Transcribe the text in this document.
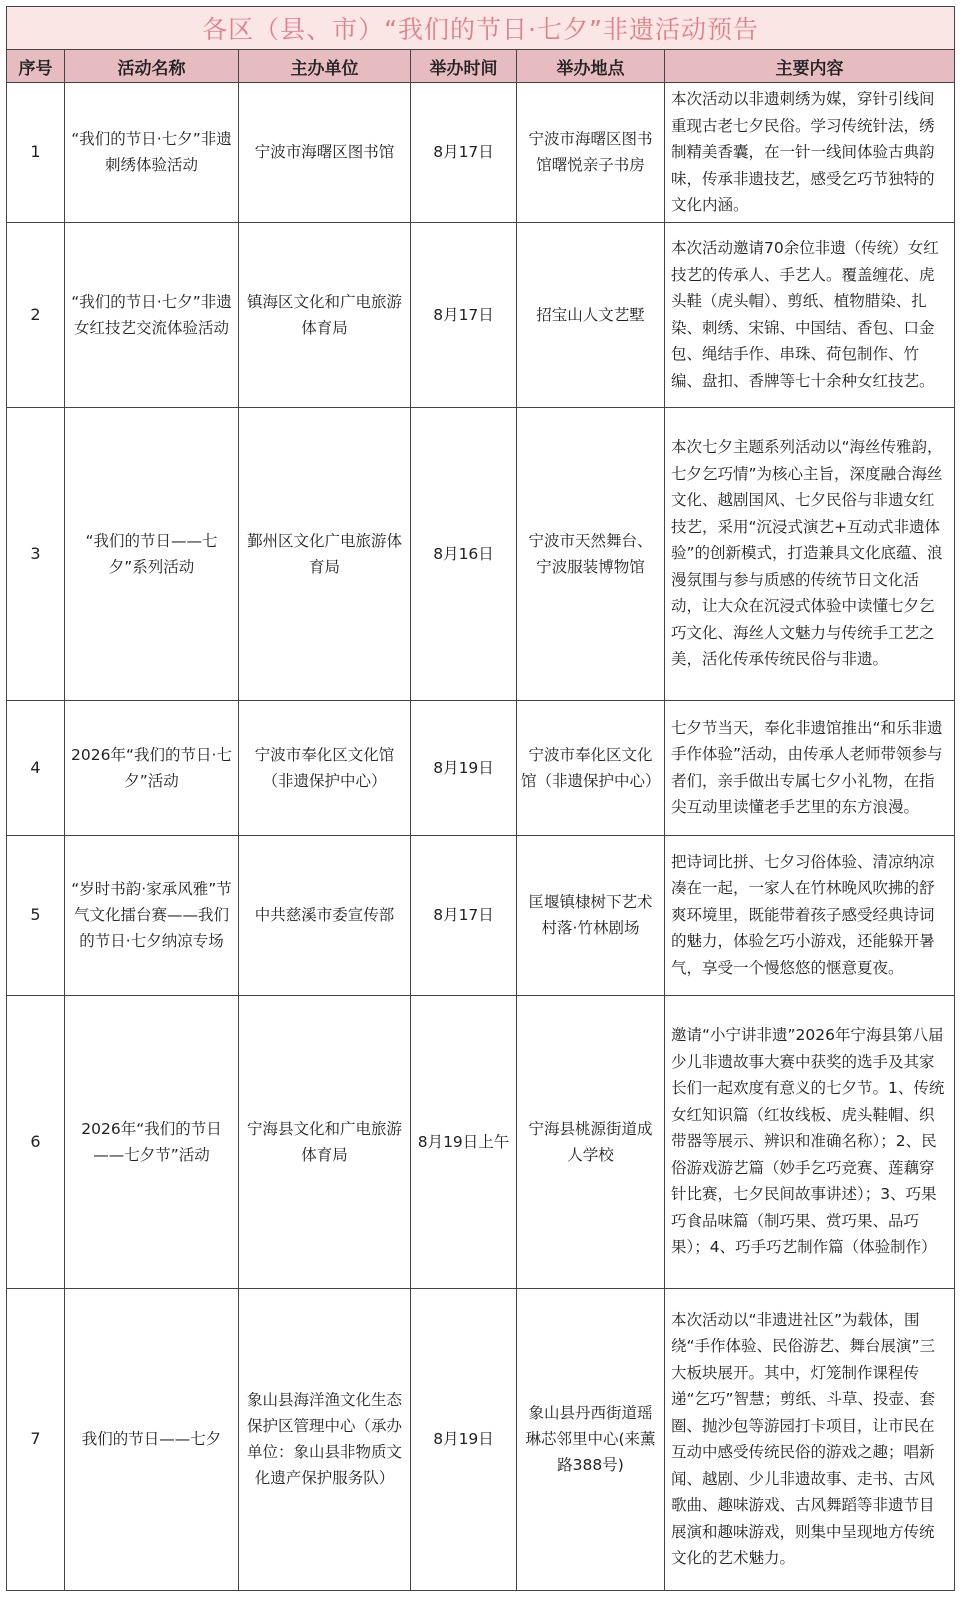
各区（县、市）“我们的节日·七夕”非遗活动预告					
序号	活动名称	主办单位	举办时间	举办地点	主要内容
1	“我们的节日·七夕”非遗刺绣体验活动	宁波市海曙区图书馆	8月17日	宁波市海曙区图书馆曙悦亲子书房	本次活动以非遗刺绣为媒，穿针引线间重现古老七夕民俗。学习传统针法，绣制精美香囊，在一针一线间体验古典韵味，传承非遗技艺，感受乞巧节独特的文化内涵。
2	“我们的节日·七夕”非遗女红技艺交流体验活动	镇海区文化和广电旅游体育局	8月17日	招宝山人文艺墅	本次活动邀请70余位非遗（传统）女红技艺的传承人、手艺人。覆盖缠花、虎头鞋（虎头帽）、剪纸、植物腊染、扎染、刺绣、宋锦、中国结、香包、口金包、绳结手作、串珠、荷包制作、竹编、盘扣、香牌等七十余种女红技艺。
3	“我们的节日——七夕”系列活动	鄞州区文化广电旅游体育局	8月16日	宁波市天然舞台、宁波服装博物馆	本次七夕主题系列活动以“海丝传雅韵，七夕乞巧情”为核心主旨，深度融合海丝文化、越剧国风、七夕民俗与非遗女红技艺，采用“沉浸式演艺+互动式非遗体验”的创新模式，打造兼具文化底蕴、浪漫氛围与参与质感的传统节日文化活动，让大众在沉浸式体验中读懂七夕乞巧文化、海丝人文魅力与传统手工艺之美，活化传承传统民俗与非遗。
4	2026年“我们的节日·七夕”活动	宁波市奉化区文化馆（非遗保护中心）	8月19日	宁波市奉化区文化馆（非遗保护中心）	七夕节当天，奉化非遗馆推出“和乐非遗手作体验”活动，由传承人老师带领参与者们，亲手做出专属七夕小礼物，在指尖互动里读懂老手艺里的东方浪漫。
5	“岁时书韵·家承风雅”节气文化擂台赛——我们的节日·七夕纳凉专场	中共慈溪市委宣传部	8月17日	匡堰镇棣树下艺术村落·竹林剧场	把诗词比拼、七夕习俗体验、清凉纳凉凑在一起，一家人在竹林晚风吹拂的舒爽环境里，既能带着孩子感受经典诗词的魅力，体验乞巧小游戏，还能躲开暑气，享受一个慢悠悠的惬意夏夜。
6	2026年“我们的节日——七夕节”活动	宁海县文化和广电旅游体育局	8月19日上午	宁海县桃源街道成人学校	邀请“小宁讲非遗”2026年宁海县第八届少儿非遗故事大赛中获奖的选手及其家长们一起欢度有意义的七夕节。1、传统女红知识篇（红妆线板、虎头鞋帽、织带器等展示、辨识和准确名称）；2、民俗游戏游艺篇（妙手乞巧竞赛、莲藕穿针比赛，七夕民间故事讲述）；3、巧果巧食品味篇（制巧果、赏巧果、品巧果）；4、巧手巧艺制作篇（体验制作）
7	我们的节日——七夕	象山县海洋渔文化生态保护区管理中心（承办单位：象山县非物质文化遗产保护服务队）	8月19日	象山县丹西街道瑶琳芯邻里中心(来薰路388号)	本次活动以“非遗进社区”为载体，围绕“手作体验、民俗游艺、舞台展演”三大板块展开。其中，灯笼制作课程传递“乞巧”智慧；剪纸、斗草、投壶、套圈、抛沙包等游园打卡项目，让市民在互动中感受传统民俗的游戏之趣；唱新闻、越剧、少儿非遗故事、走书、古风歌曲、趣味游戏、古风舞蹈等非遗节目展演和趣味游戏，则集中呈现地方传统文化的艺术魅力。
